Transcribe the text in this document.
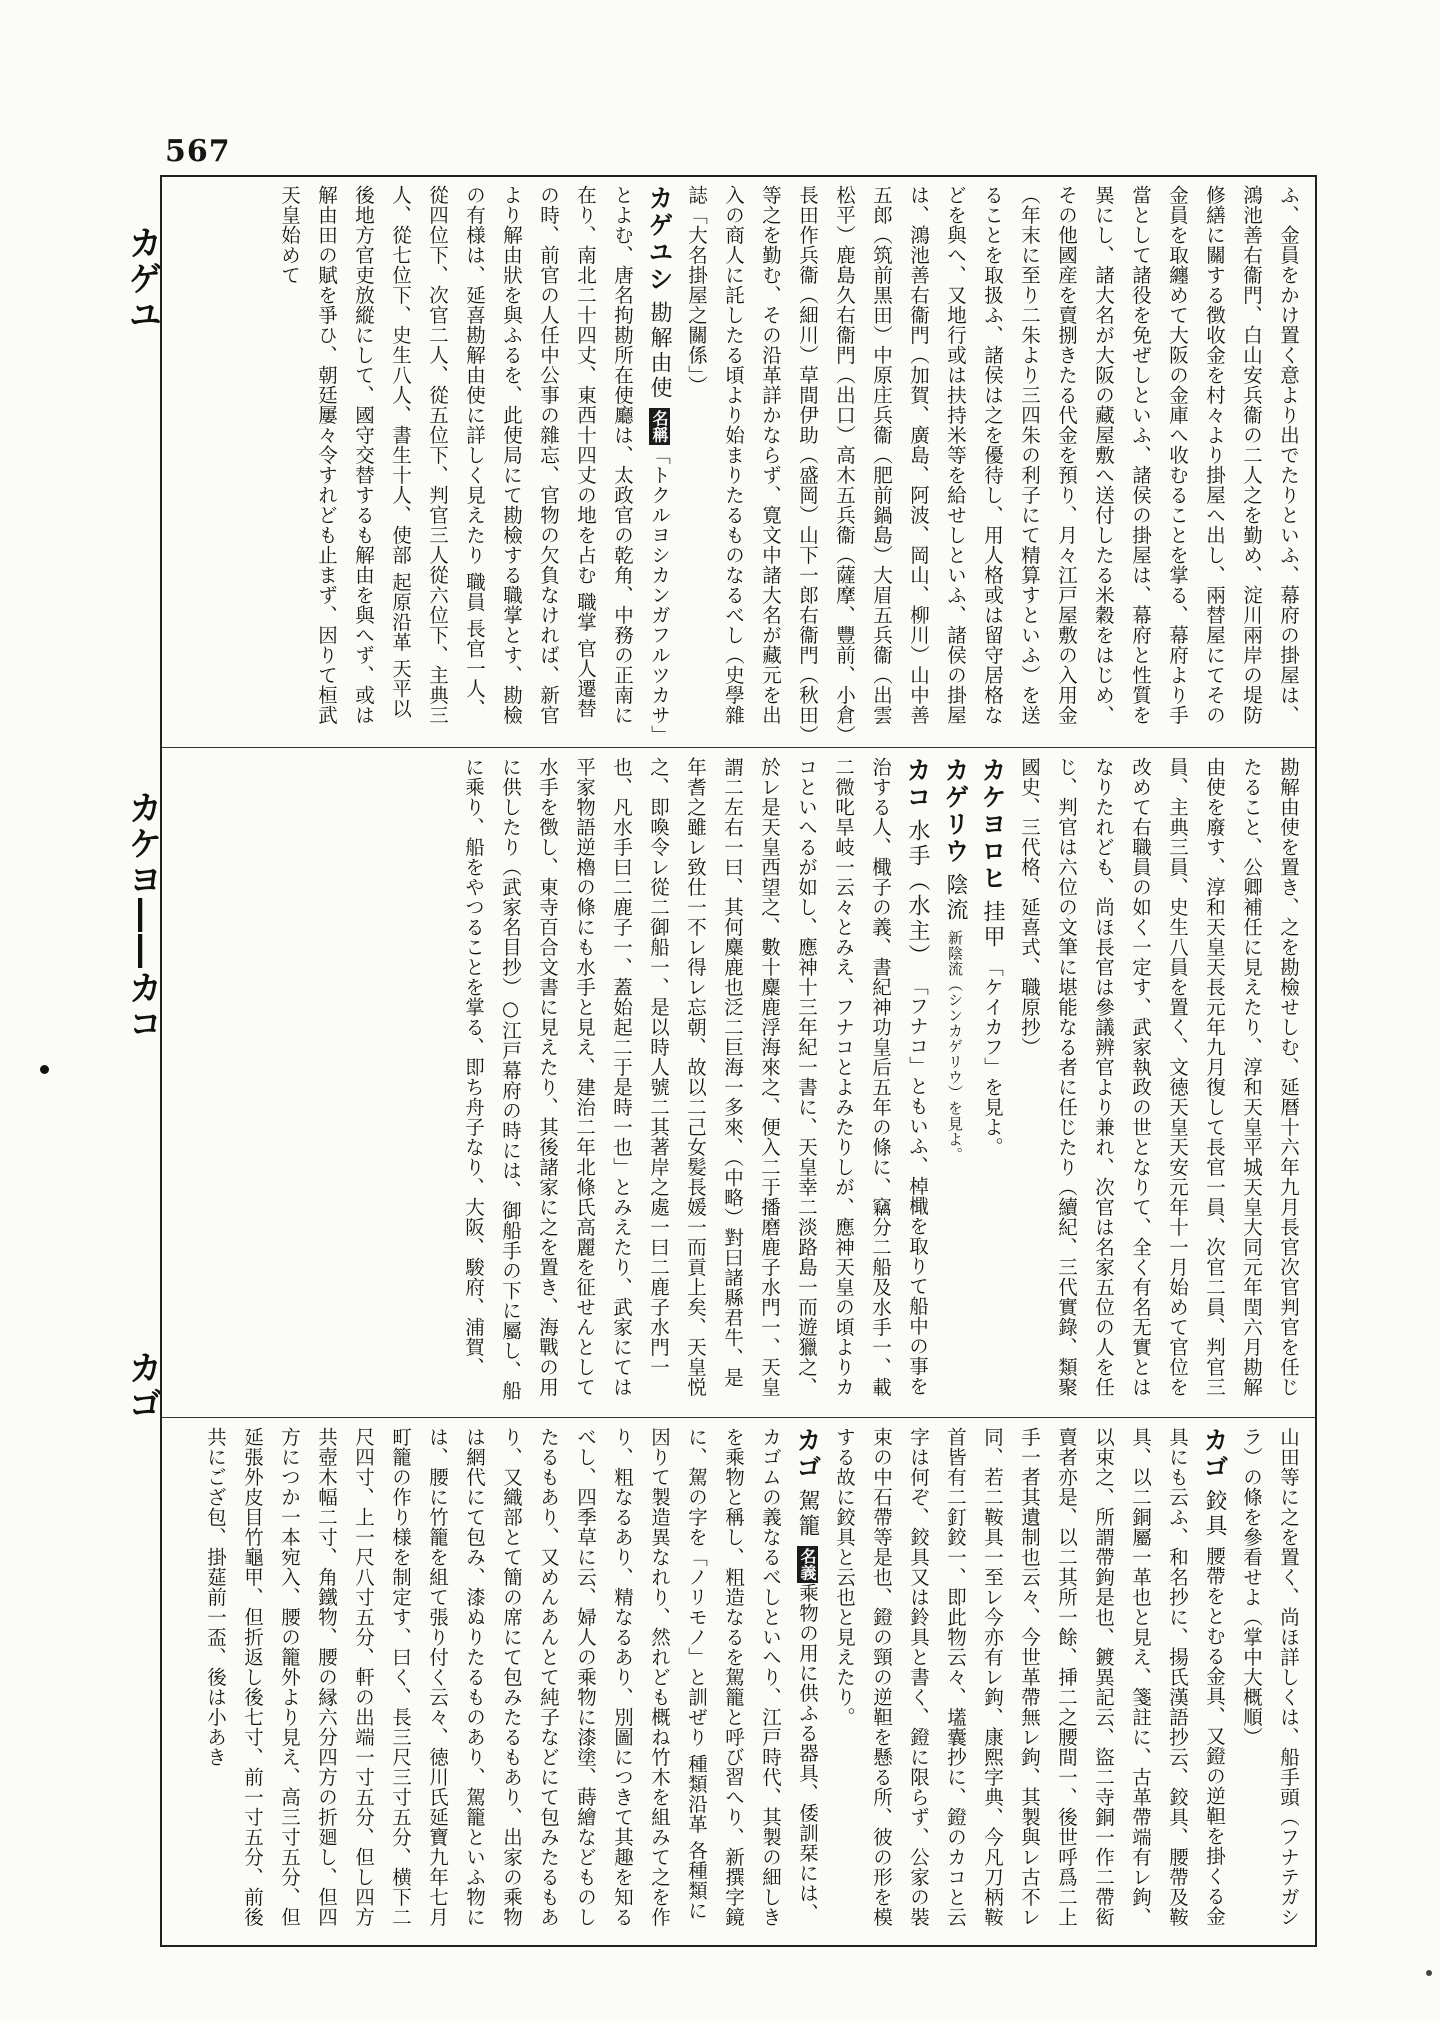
567
カゲユ
カケヨ――カコ
カゴ

ふ、金員をかけ置く意より出でたりといふ、幕府の掛屋は、鴻池善右衞門、白山安兵衞の二人之を勤め、淀川兩岸の堤防修繕に關する徴收金を村々より掛屋へ出し、兩替屋にてその金員を取纏めて大阪の金庫へ收むることを掌る、幕府より手當として諸役を免ぜしといふ、諸侯の掛屋は、幕府と性質を異にし、諸大名が大阪の藏屋敷へ送付したる米穀をはじめ、その他國産を賣捌きたる代金を預り、月々江戸屋敷の入用金（年末に至り二朱より三四朱の利子にて精算すといふ）を送ることを取扱ふ、諸侯は之を優待し、用人格或は留守居格などを與へ、又地行或は扶持米等を給せしといふ、諸侯の掛屋は、鴻池善右衞門（加賀、廣島、阿波、岡山、柳川）山中善五郎（筑前黒田）中原庄兵衞（肥前鍋島）大眉五兵衞（出雲松平）鹿島久右衞門（出口）高木五兵衞（薩摩、豐前、小倉）長田作兵衞（細川）草間伊助（盛岡）山下一郎右衞門（秋田）等之を勤む、その沿革詳かならず、寛文中諸大名が藏元を出入の商人に託したる頃より始まりたるものなるべし（史學雜誌「大名掛屋之關係」）

カゲユシ勘解由使 名稱「トクルヨシカンガフルツカサ」とよむ、唐名拘勘所在使廳は、太政官の乾角、中務の正南に在り、南北二十四丈、東西十四丈の地を占む 職掌 官人遷替の時、前官の人任中公事の雜忘、官物の欠負なければ、新官より解由狀を與ふるを、此使局にて勘檢する職掌とす、勘檢の有様は、延喜勘解由使に詳しく見えたり 職員 長官一人、從四位下、次官二人、從五位下、判官三人從六位下、主典三人、從七位下、史生八人、書生十人、使部 起原沿革 天平以後地方官吏放縱にして、國守交替するも解由を與へず、或は解由田の賦を爭ひ、朝廷屢々令すれども止まず、因りて桓武天皇始めて

勘解由使を置き、之を勘檢せしむ、延暦十六年九月長官次官判官を任じたること、公卿補任に見えたり、淳和天皇平城天皇大同元年閏六月勘解由使を廢す、淳和天皇天長元年九月復して長官一員、次官二員、判官三員、主典三員、史生八員を置く、文徳天皇天安元年十一月始めて官位を改めて右職員の如く一定す、武家執政の世となりて、全く有名无實とはなりたれども、尚ほ長官は參議辨官より兼れ、次官は名家五位の人を任じ、判官は六位の文筆に堪能なる者に任じたり（續紀、三代實錄、類聚國史、三代格、延喜式、職原抄）

カケヨロヒ挂甲 「ケイカフ」を見よ。

カゲリウ陰流 新陰流（シンカゲリウ）を見よ。

カコ水手（水主） 「フナコ」ともいふ、棹檝を取りて船中の事を治する人、檝子の義、書紀神功皇后五年の條に、竊分二船及水手一、載二微叱旱岐一云々とみえ、フナコとよみたりしが、應神天皇の頃よりカコといへるが如し、應神十三年紀一書に、天皇幸二淡路島一而遊獵之、於レ是天皇西望之、數十麋鹿浮海來之、便入二于播磨鹿子水門一、天皇謂二左右一曰、其何麋鹿也泛二巨海一多來、（中略）對曰諸縣君牛、是年耆之雖レ致仕一不レ得レ忘朝、故以二己女髪長媛一而貢上矣、天皇悦之、即喚令レ從二御船一、是以時人號二其著岸之處一曰二鹿子水門一也、凡水手曰二鹿子一、蓋始起二于是時一也」とみえたり、武家にては平家物語逆櫓の條にも水手と見え、建治二年北條氏高麗を征せんとして水手を徴し、東寺百合文書に見えたり、其後諸家に之を置き、海戰の用に供したり（武家名目抄）○江戸幕府の時には、御船手の下に屬し、船に乘り、船をやつることを掌る、即ち舟子なり、大阪、駿府、浦賀、

山田等に之を置く、尚ほ詳しくは、船手頭（フナテガシラ）の條を參看せよ（掌中大概順）

カゴ鉸具 腰帶をとむる金具、又鐙の逆靼を掛くる金具にも云ふ、和名抄に、揚氏漢語抄云、鉸具、腰帶及鞍具、以二銅屬一革也と見え、箋註に、古革帶端有レ鉤、以束之、所謂帶鉤是也、鍍異記云、盜二寺銅一作二帶衒賣者亦是、以二其所一餘、挿二之腰間一、後世呼爲二上手一者其遺制也云々、今世革帶無レ鉤、其製與レ古不レ同、若二鞍具一至レ今亦有レ鉤、康熙字典、今凡刀柄鞍首皆有二釘鉸一、即此物云々、壒囊抄に、鐙のカコと云字は何ぞ、鉸具又は鈴具と書く、鐙に限らず、公家の裝束の中石帶等是也、鐙の頸の逆靼を懸る所、彼の形を模する故に鉸具と云也と見えたり。

カゴ駕籠 名義乘物の用に供ふる器具、倭訓栞には、カゴムの義なるべしといへり、江戸時代、其製の細しきを乘物と稱し、粗造なるを駕籠と呼び習へり、新撰字鏡に、駕の字を「ノリモノ」と訓ぜり 種類沿革 各種類に因りて製造異なれり、然れども概ね竹木を組みて之を作り、粗なるあり、精なるあり、別圖につきて其趣を知るべし、四季草に云、婦人の乘物に漆塗、蒔繪などものしたるもあり、又めんあんとて純子などにて包みたるもあり、又織部とて簡の席にて包みたるもあり、出家の乘物は網代にて包み、漆ぬりたるものあり、駕籠といふ物には、腰に竹籠を組て張り付く云々、徳川氏延寶九年七月町籠の作り様を制定す、曰く、長三尺三寸五分、横下二尺四寸、上一尺八寸五分、軒の出端一寸五分、但し四方共壺木幅二寸、角鐵物、腰の縁六分四方の折廻し、但四方につか一本宛入、腰の籠外より見え、高三寸五分、但延張外皮目竹龜甲、但折返し後七寸、前一寸五分、前後共にござ包、掛莚前一盃、後は小あき
